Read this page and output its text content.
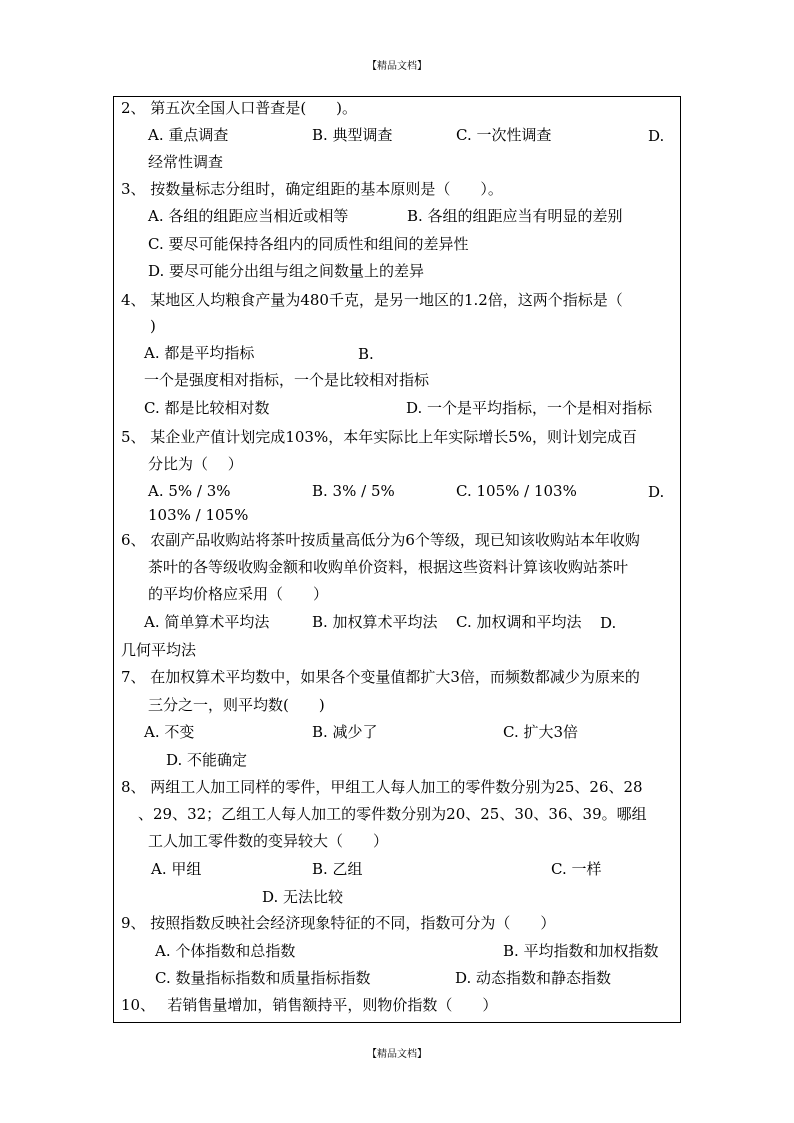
【精品文档】
2、 第五次全国人口普查是(　　)。
A. 重点调查	B. 典型调查	C. 一次性调查	D.
经常性调查
3、 按数量标志分组时，确定组距的基本原则是（　　）。
A. 各组的组距应当相近或相等	B. 各组的组距应当有明显的差别
C. 要尽可能保持各组内的同质性和组间的差异性
D. 要尽可能分出组与组之间数量上的差异
4、 某地区人均粮食产量为480千克，是另一地区的1.2倍，这两个指标是（
)
A. 都是平均指标	B.
一个是强度相对指标，一个是比较相对指标
C. 都是比较相对数	D. 一个是平均指标，一个是相对指标
5、 某企业产值计划完成103%，本年实际比上年实际增长5%，则计划完成百
分比为（　 ）
A. 5% / 3%	B. 3% / 5%	C. 105% / 103%	D.
103% / 105%
6、 农副产品收购站将茶叶按质量高低分为6个等级，现已知该收购站本年收购
茶叶的各等级收购金额和收购单价资料，根据这些资料计算该收购站茶叶
的平均价格应采用（　　）
A. 简单算术平均法	B. 加权算术平均法 C. 加权调和平均法 D.
几何平均法
7、 在加权算术平均数中，如果各个变量值都扩大3倍，而频数都减少为原来的
三分之一，则平均数(　　)
A. 不变	B. 减少了	C. 扩大3倍
D. 不能确定
8、 两组工人加工同样的零件，甲组工人每人加工的零件数分别为25、26、28
、29、32；乙组工人每人加工的零件数分别为20、25、30、36、39。哪组
工人加工零件数的变异较大（　　）
A. 甲组	B. 乙组	C. 一样
D. 无法比较
9、 按照指数反映社会经济现象特征的不同，指数可分为（　　）
A. 个体指数和总指数	B. 平均指数和加权指数
C. 数量指标指数和质量指标指数	D. 动态指数和静态指数
10、　 若销售量增加，销售额持平，则物价指数（　　）
【精品文档】
